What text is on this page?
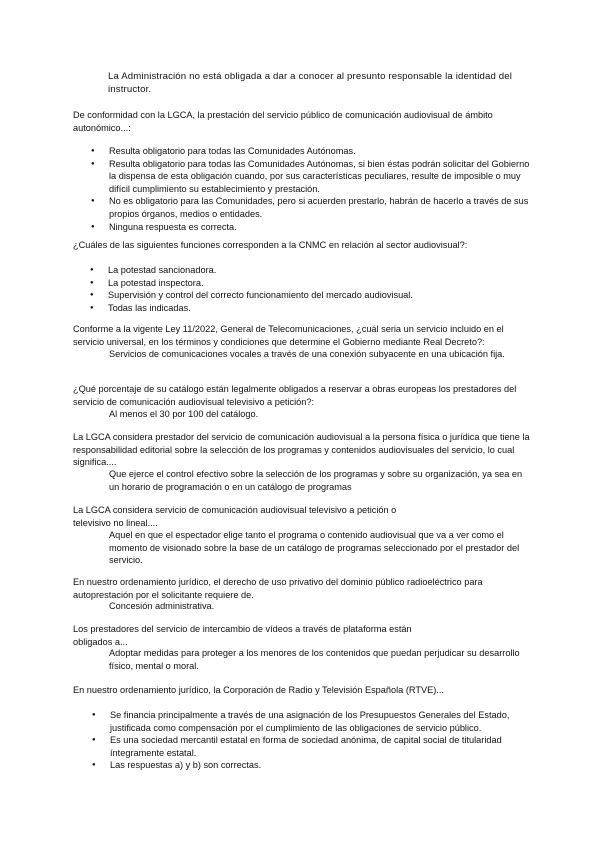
La Administración no está obligada a dar a conocer al presunto responsable la identidad del instructor.
De conformidad con la LGCA, la prestación del servicio público de comunicación audiovisual de ámbito autonómico...:
● Resulta obligatorio para todas las Comunidades Autónomas.
● Resulta obligatorio para todas las Comunidades Autónomas, si bien éstas podrán solicitar del Gobierno la dispensa de esta obligación cuando, por sus características peculiares, resulte de imposible o muy difícil cumplimiento su establecimiento y prestación.
● No es obligatorio para las Comunidades, pero si acuerden prestarlo, habrán de hacerlo a través de sus propios órganos, medios o entidades.
● Ninguna respuesta es correcta.
¿Cuáles de las siguientes funciones corresponden a la CNMC en relación al sector audiovisual?:
● La potestad sancionadora.
● La potestad inspectora.
● Supervisión y control del correcto funcionamiento del mercado audiovisual.
● Todas las indicadas.
Conforme a la vigente Ley 11/2022, General de Telecomunicaciones, ¿cuál seria un servicio incluido en el servicio universal, en los términos y condiciones que determine el Gobierno mediante Real Decreto?:
Servicios de comunicaciones vocales a través de una conexión subyacente en una ubicación fija.
¿Qué porcentaje de su catálogo están legalmente obligados a reservar a obras europeas los prestadores del servicio de comunicación audiovisual televisivo a petición?:
Al menos el 30 por 100 del catálogo.
La LGCA considera prestador del servicio de comunicación audiovisual a la persona física o jurídica que tiene la responsabilidad editorial sobre la selección de los programas y contenidos audiovisuales del servicio, lo cual significa....
Que ejerce el control efectivo sobre la selección de los programas y sobre su organización, ya sea en un horario de programación o en un catálogo de programas
La LGCA considera servicio de comunicación audiovisual televisivo a petición o
televisivo no lineal....
Aquel en que el espectador elige tanto el programa o contenido audiovisual que va a ver como el momento de visionado sobre la base de un catálogo de programas seleccionado por el prestador del servicio.
En nuestro ordenamiento jurídico, el derecho de uso privativo del dominio público radioeléctrico para autoprestación por el solicitante requiere de.
Concesión administrativa.
Los prestadores del servicio de intercambio de vídeos a través de plataforma están
obligados a...
Adoptar medidas para proteger a los menores de los contenidos que puedan perjudicar su desarrollo físico, mental o moral.
En nuestro ordenamiento jurídico, la Corporación de Radio y Televisión Española (RTVE)...
● Se financia principalmente a través de una asignación de los Presupuestos Generales del Estado, justificada como compensación por el cumplimiento de las obligaciones de servicio público.
● Es una sociedad mercantil estatal en forma de sociedad anónima, de capital social de titularidad íntegramente estatal.
● Las respuestas a) y b) son correctas.
